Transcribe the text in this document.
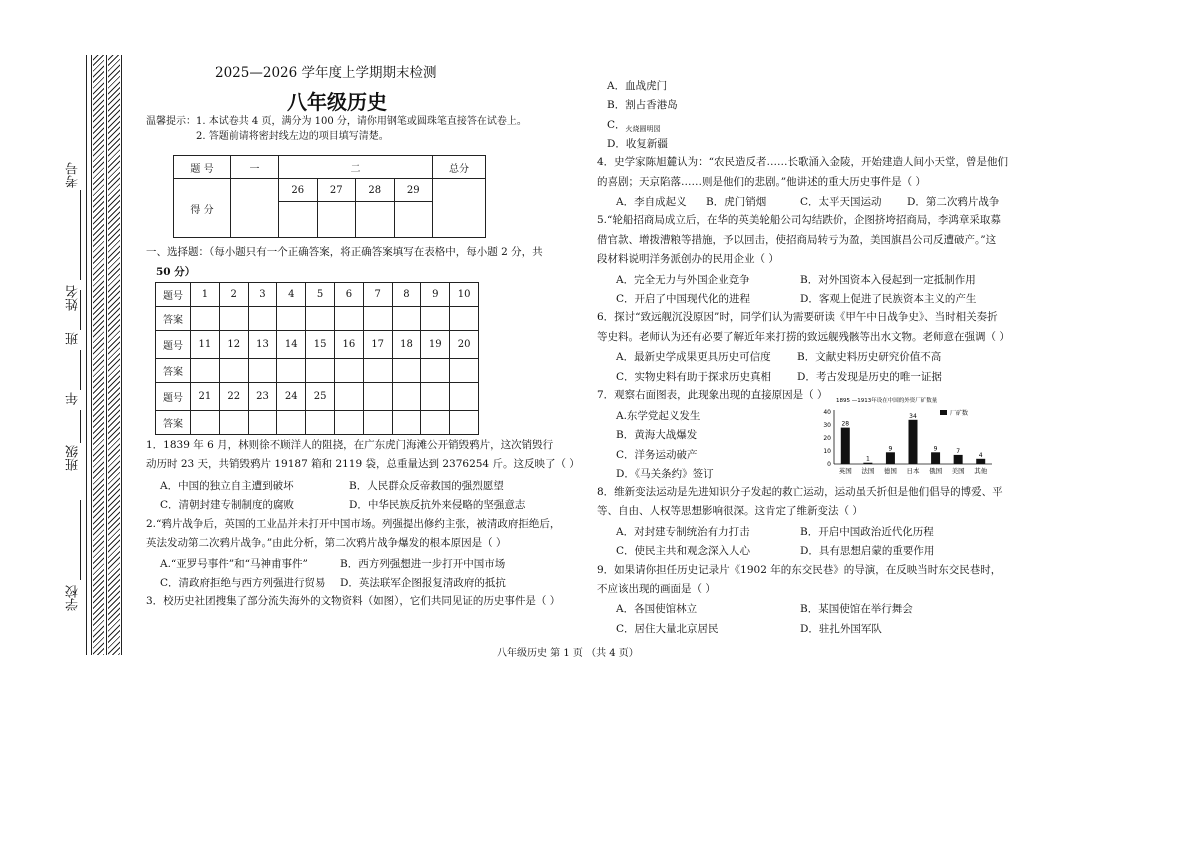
学校
班级
年
班
姓名
考号
2025—2026 学年度上学期期末检测
八年级历史
温馨提示：1. 本试卷共 4 页，满分为 100 分，请你用钢笔或圆珠笔直接答在试卷上。
2. 答题前请将密封线左边的项目填写清楚。
题 号	一	二				总分
得 分		26	27	28	29	

一、选择题：（每小题只有一个正确答案，将正确答案填写在表格中，每小题 2 分，共
50 分）
题号	1	2	3	4	5	6	7	8	9	10
答案										
题号	11	12	13	14	15	16	17	18	19	20
答案										
题号	21	22	23	24	25					
答案										
1．1839 年 6 月，林则徐不顾洋人的阻挠，在广东虎门海滩公开销毁鸦片，这次销毁行
动历时 23 天，共销毁鸦片 19187 箱和 2119 袋，总重量达到 2376254 斤。这反映了（ ）
A．中国的独立自主遭到破坏	B．人民群众反帝救国的强烈愿望
C．清朝封建专制制度的腐败	D．中华民族反抗外来侵略的坚强意志
2.“鸦片战争后，英国的工业品并未打开中国市场。列强提出修约主张，被清政府拒绝后，
英法发动第二次鸦片战争。”由此分析，第二次鸦片战争爆发的根本原因是（ ）
A.“亚罗号事件”和“马神甫事件”	B．西方列强想进一步打开中国市场
C．清政府拒绝与西方列强进行贸易 D．英法联军企图报复清政府的抵抗
3．校历史社团搜集了部分流失海外的文物资料（如图），它们共同见证的历史事件是（ ）
A．血战虎门
B．割占香港岛
C．$_{火烧圆明园}$
D．收复新疆
4．史学家陈旭麓认为：“农民造反者……长歌涌入金陵，开始建造人间小天堂，曾是他们
的喜剧；天京陷落……则是他们的悲剧。”他讲述的重大历史事件是（ ）
A．李自成起义 B．虎门销烟	C．太平天国运动 D．第二次鸦片战争
5.“轮船招商局成立后，在华的英美轮船公司勾结跌价，企图挤垮招商局，李鸿章采取募
借官款、增拨漕粮等措施，予以回击，使招商局转亏为盈，美国旗昌公司反遭破产。”这
段材料说明洋务派创办的民用企业（ ）
A．完全无力与外国企业竞争	B．对外国资本入侵起到一定抵制作用
C．开启了中国现代化的进程	D．客观上促进了民族资本主义的产生
6．探讨“致远舰沉没原因”时，同学们认为需要研读《甲午中日战争史》、当时相关奏折
等史料。老师认为还有必要了解近年来打捞的致远舰残骸等出水文物。老师意在强调（ ）
A．最新史学成果更具历史可信度	B．文献史料历史研究价值不高
C．实物史料有助于探求历史真相 D．考古发现是历史的唯一证据
7．观察右面图表，此现象出现的直接原因是（ ）
A.东学党起义发生
B．黄海大战爆发
C．洋务运动破产
D．《马关条约》签订
1895 —1913年设在中国的外资厂矿数量
厂矿数
40
30
20
10
0
28
英国
1
法国
9
德国
34
日本
9
俄国
7
美国
4
其他
8．维新变法运动是先进知识分子发起的救亡运动，运动虽夭折但是他们倡导的博爱、平
等、自由、人权等思想影响很深。这肯定了维新变法（ ）
A．对封建专制统治有力打击	B．开启中国政治近代化历程
C．使民主共和观念深入人心	D．具有思想启蒙的重要作用
9．如果请你担任历史记录片《1902 年的东交民巷》的导演，在反映当时东交民巷时，
不应该出现的画面是（ ）
A．各国使馆林立	B．某国使馆在举行舞会
C．居住大量北京居民	D．驻扎外国军队
八年级历史 第 1 页 （共 4 页）
